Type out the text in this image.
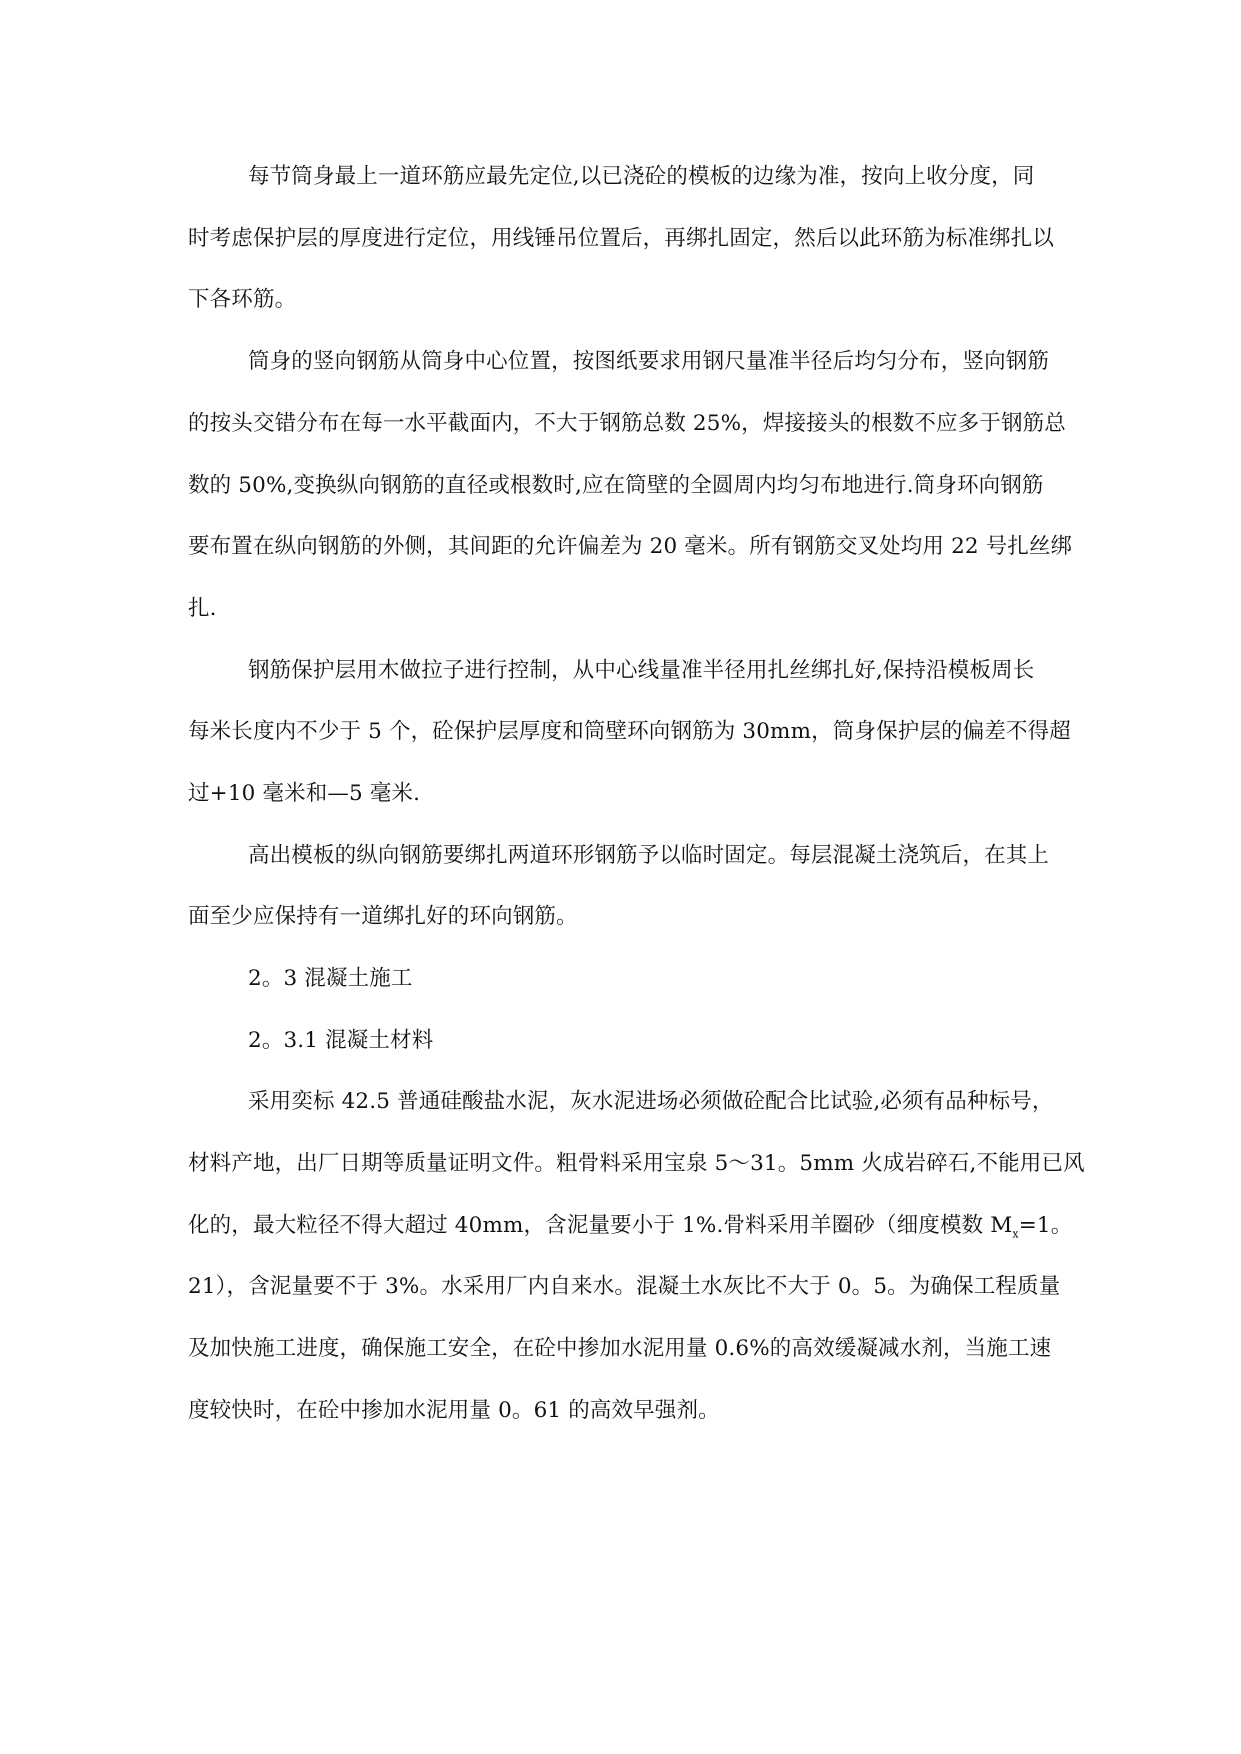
每节筒身最上一道环筋应最先定位,以已浇砼的模板的边缘为准，按向上收分度，同

时考虑保护层的厚度进行定位，用线锤吊位置后，再绑扎固定，然后以此环筋为标准绑扎以

下各环筋。

筒身的竖向钢筋从筒身中心位置，按图纸要求用钢尺量准半径后均匀分布，竖向钢筋

的按头交错分布在每一水平截面内，不大于钢筋总数 25%，焊接接头的根数不应多于钢筋总

数的 50%,变换纵向钢筋的直径或根数时,应在筒壁的全圆周内均匀布地进行.筒身环向钢筋

要布置在纵向钢筋的外侧，其间距的允许偏差为 20 毫米。所有钢筋交叉处均用 22 号扎丝绑

扎.

钢筋保护层用木做拉子进行控制，从中心线量准半径用扎丝绑扎好,保持沿模板周长

每米长度内不少于 5 个，砼保护层厚度和筒壁环向钢筋为 30mm，筒身保护层的偏差不得超

过+10 毫米和—5 毫米.

高出模板的纵向钢筋要绑扎两道环形钢筋予以临时固定。每层混凝土浇筑后，在其上

面至少应保持有一道绑扎好的环向钢筋。

2。3 混凝土施工

2。3.1 混凝土材料

采用奕标 42.5 普通硅酸盐水泥，灰水泥进场必须做砼配合比试验,必须有品种标号，

材料产地，出厂日期等质量证明文件。粗骨料采用宝泉 5～31。5mm 火成岩碎石,不能用已风

化的，最大粒径不得大超过 40mm，含泥量要小于 1%.骨料采用羊圈砂（细度模数 $M_x=1$。

21），含泥量要不于 3%。水采用厂内自来水。混凝土水灰比不大于 0。5。为确保工程质量

及加快施工进度，确保施工安全，在砼中掺加水泥用量 0.6%的高效缓凝减水剂，当施工速

度较快时，在砼中掺加水泥用量 0。61 的高效早强剂。
